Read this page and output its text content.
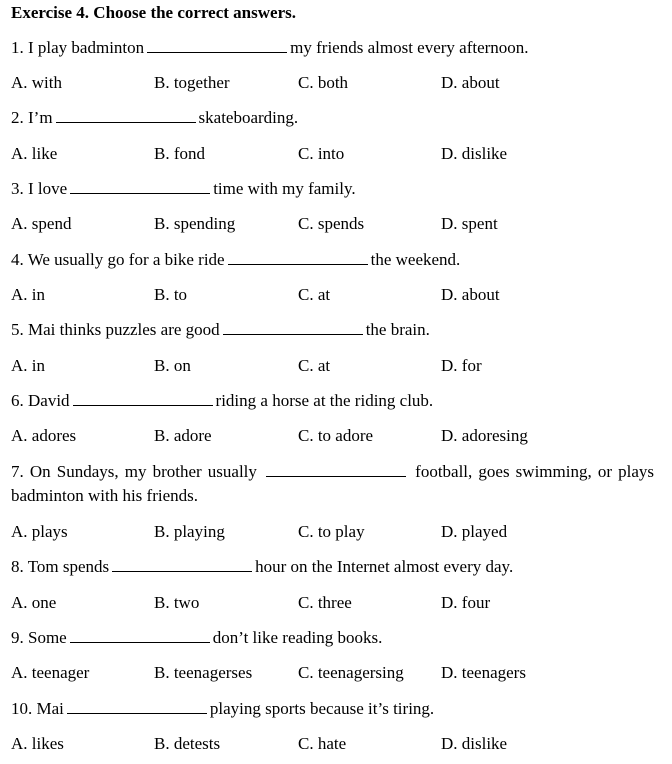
Exercise 4. Choose the correct answers.
1. I play badminton	my friends almost every afternoon.
A. with	B. together	C. both	D. about
2. I’m	skateboarding.
A. like	B. fond	C. into	D. dislike
3. I love	time with my family.
A. spend	B. spending	C. spends	D. spent
4. We usually go for a bike ride	the weekend.
A. in	B. to	C. at	D. about
5. Mai thinks puzzles are good	the brain.
A. in	B. on	C. at	D. for
6. David	riding a horse at the riding club.
A. adores	B. adore	C. to adore	D. adoresing
7. On Sundays, my brother usually	football, goes swimming, or plays badminton with his friends.
A. plays	B. playing	C. to play	D. played
8. Tom spends	hour on the Internet almost every day.
A. one	B. two	C. three	D. four
9. Some	don’t like reading books.
A. teenager	B. teenagerses	C. teenagersing D. teenagers
10. Mai	playing sports because it’s tiring.
A. likes	B. detests	C. hate	D. dislike
